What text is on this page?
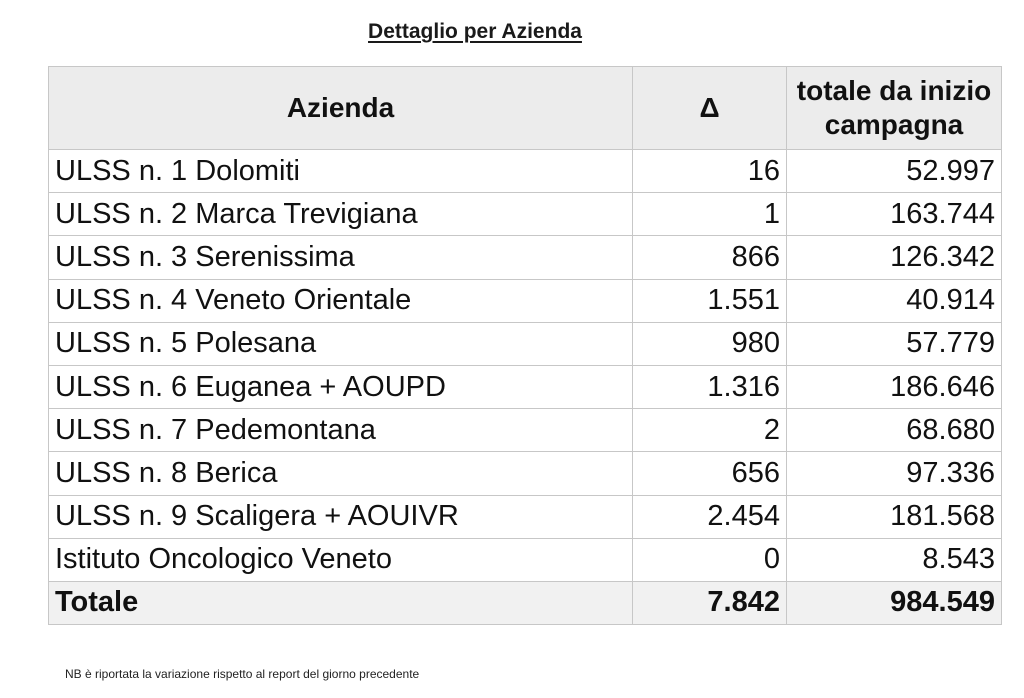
Dettaglio per Azienda
Azienda	Δ	totale da inizio campagna
ULSS n. 1 Dolomiti	16	52.997
ULSS n. 2 Marca Trevigiana	1	163.744
ULSS n. 3 Serenissima	866	126.342
ULSS n. 4 Veneto Orientale	1.551	40.914
ULSS n. 5 Polesana	980	57.779
ULSS n. 6 Euganea + AOUPD	1.316	186.646
ULSS n. 7 Pedemontana	2	68.680
ULSS n. 8 Berica	656	97.336
ULSS n. 9 Scaligera + AOUIVR	2.454	181.568
Istituto Oncologico Veneto	0	8.543
Totale	7.842	984.549
NB è riportata la variazione rispetto al report del giorno precedente
